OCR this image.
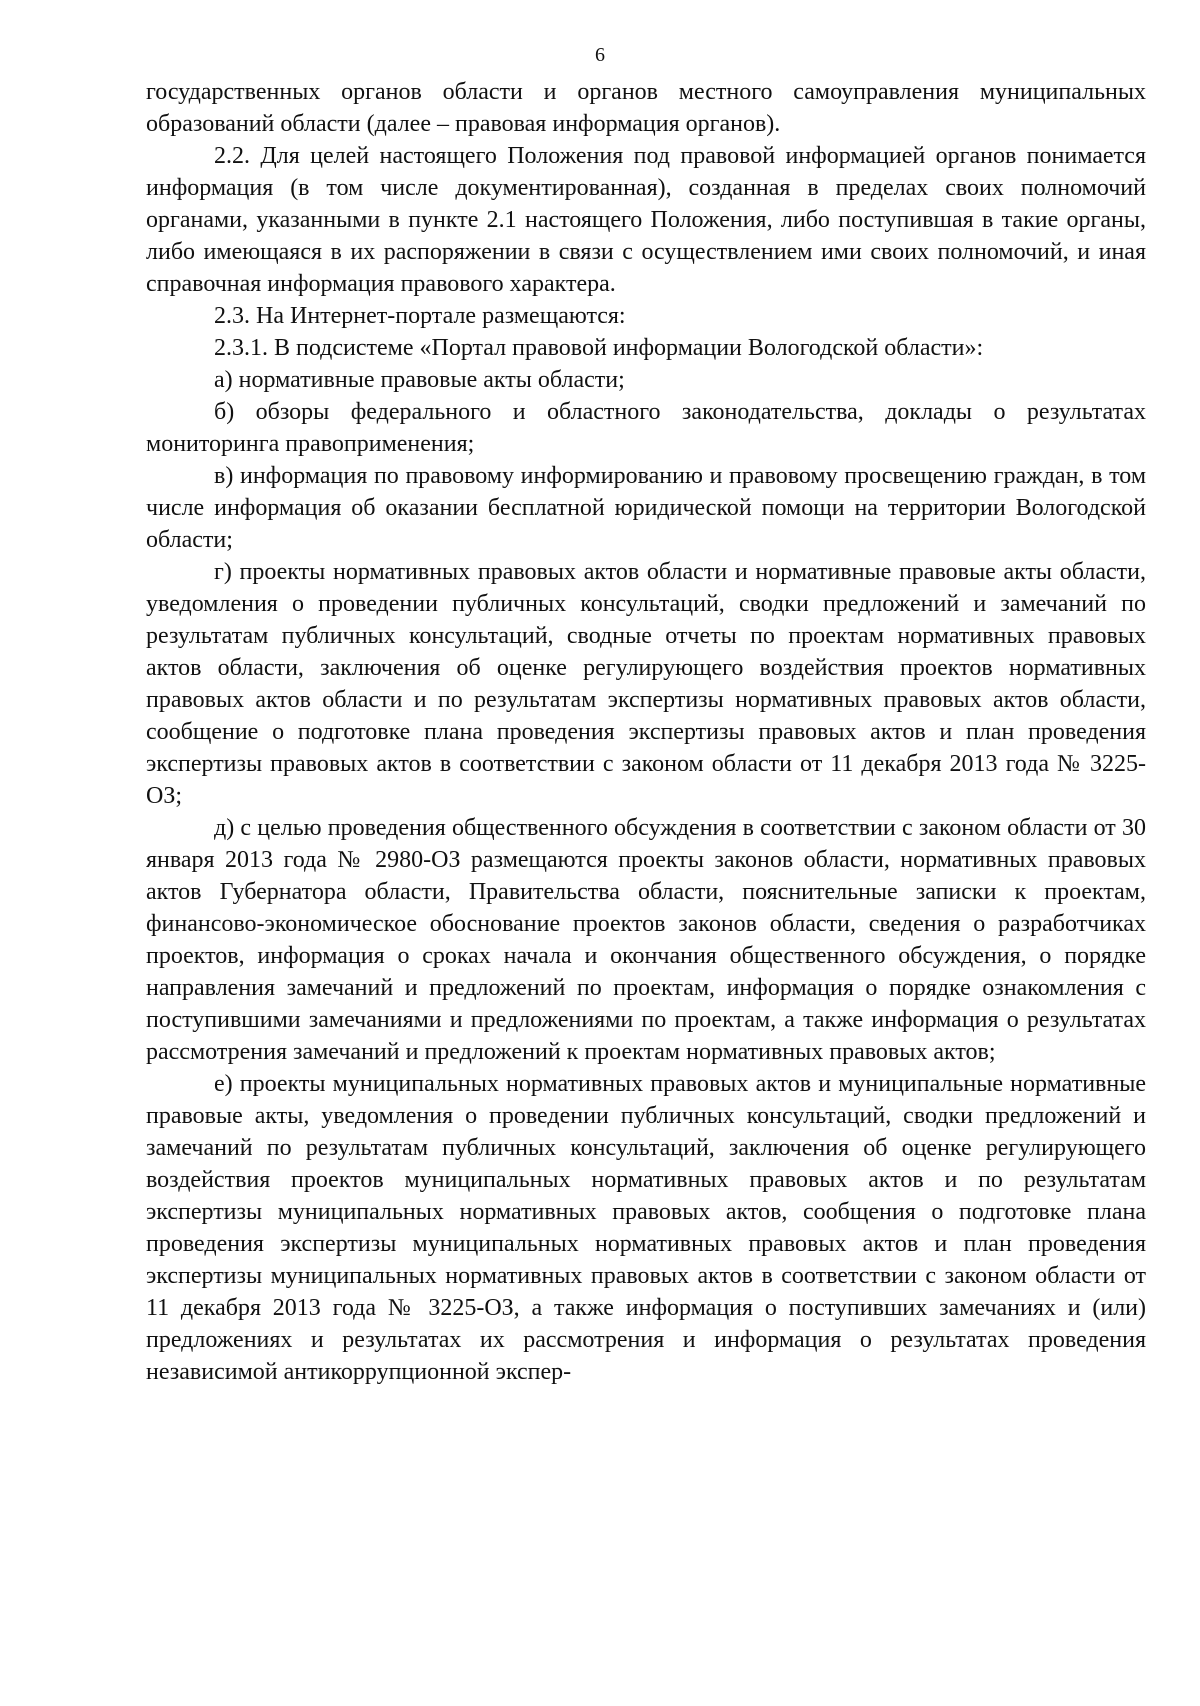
6

государственных органов области и органов местного самоуправления муниципальных образований области (далее – правовая информация органов).

2.2. Для целей настоящего Положения под правовой информацией органов понимается информация (в том числе документированная), созданная в пределах своих полномочий органами, указанными в пункте 2.1 настоящего Положения, либо поступившая в такие органы, либо имеющаяся в их распоряжении в связи с осуществлением ими своих полномочий, и иная справочная информация правового характера.

2.3. На Интернет-портале размещаются:

2.3.1. В подсистеме «Портал правовой информации Вологодской области»:

а) нормативные правовые акты области;

б) обзоры федерального и областного законодательства, доклады о результатах мониторинга правоприменения;

в) информация по правовому информированию и правовому просвещению граждан, в том числе информация об оказании бесплатной юридической помощи на территории Вологодской области;

г) проекты нормативных правовых актов области и нормативные правовые акты области, уведомления о проведении публичных консультаций, сводки предложений и замечаний по результатам публичных консультаций, сводные отчеты по проектам нормативных правовых актов области, заключения об оценке регулирующего воздействия проектов нормативных правовых актов области и по результатам экспертизы нормативных правовых актов области, сообщение о подготовке плана проведения экспертизы правовых актов и план проведения экспертизы правовых актов в соответствии с законом области от 11 декабря 2013 года № 3225-ОЗ;

д) с целью проведения общественного обсуждения в соответствии с законом области от 30 января 2013 года № 2980-ОЗ размещаются проекты законов области, нормативных правовых актов Губернатора области, Правительства области, пояснительные записки к проектам, финансово-экономическое обоснование проектов законов области, сведения о разработчиках проектов, информация о сроках начала и окончания общественного обсуждения, о порядке направления замечаний и предложений по проектам, информация о порядке ознакомления с поступившими замечаниями и предложениями по проектам, а также информация о результатах рассмотрения замечаний и предложений к проектам нормативных правовых актов;

е) проекты муниципальных нормативных правовых актов и муниципальные нормативные правовые акты, уведомления о проведении публичных консультаций, сводки предложений и замечаний по результатам публичных консультаций, заключения об оценке регулирующего воздействия проектов муниципальных нормативных правовых актов и по результатам экспертизы муниципальных нормативных правовых актов, сообщения о подготовке плана проведения экспертизы муниципальных нормативных правовых актов и план проведения экспертизы муниципальных нормативных правовых актов в соответствии с законом области от 11 декабря 2013 года № 3225-ОЗ, а также информация о поступивших замечаниях и (или) предложениях и результатах их рассмотрения и информация о результатах проведения независимой антикоррупционной экспер-
